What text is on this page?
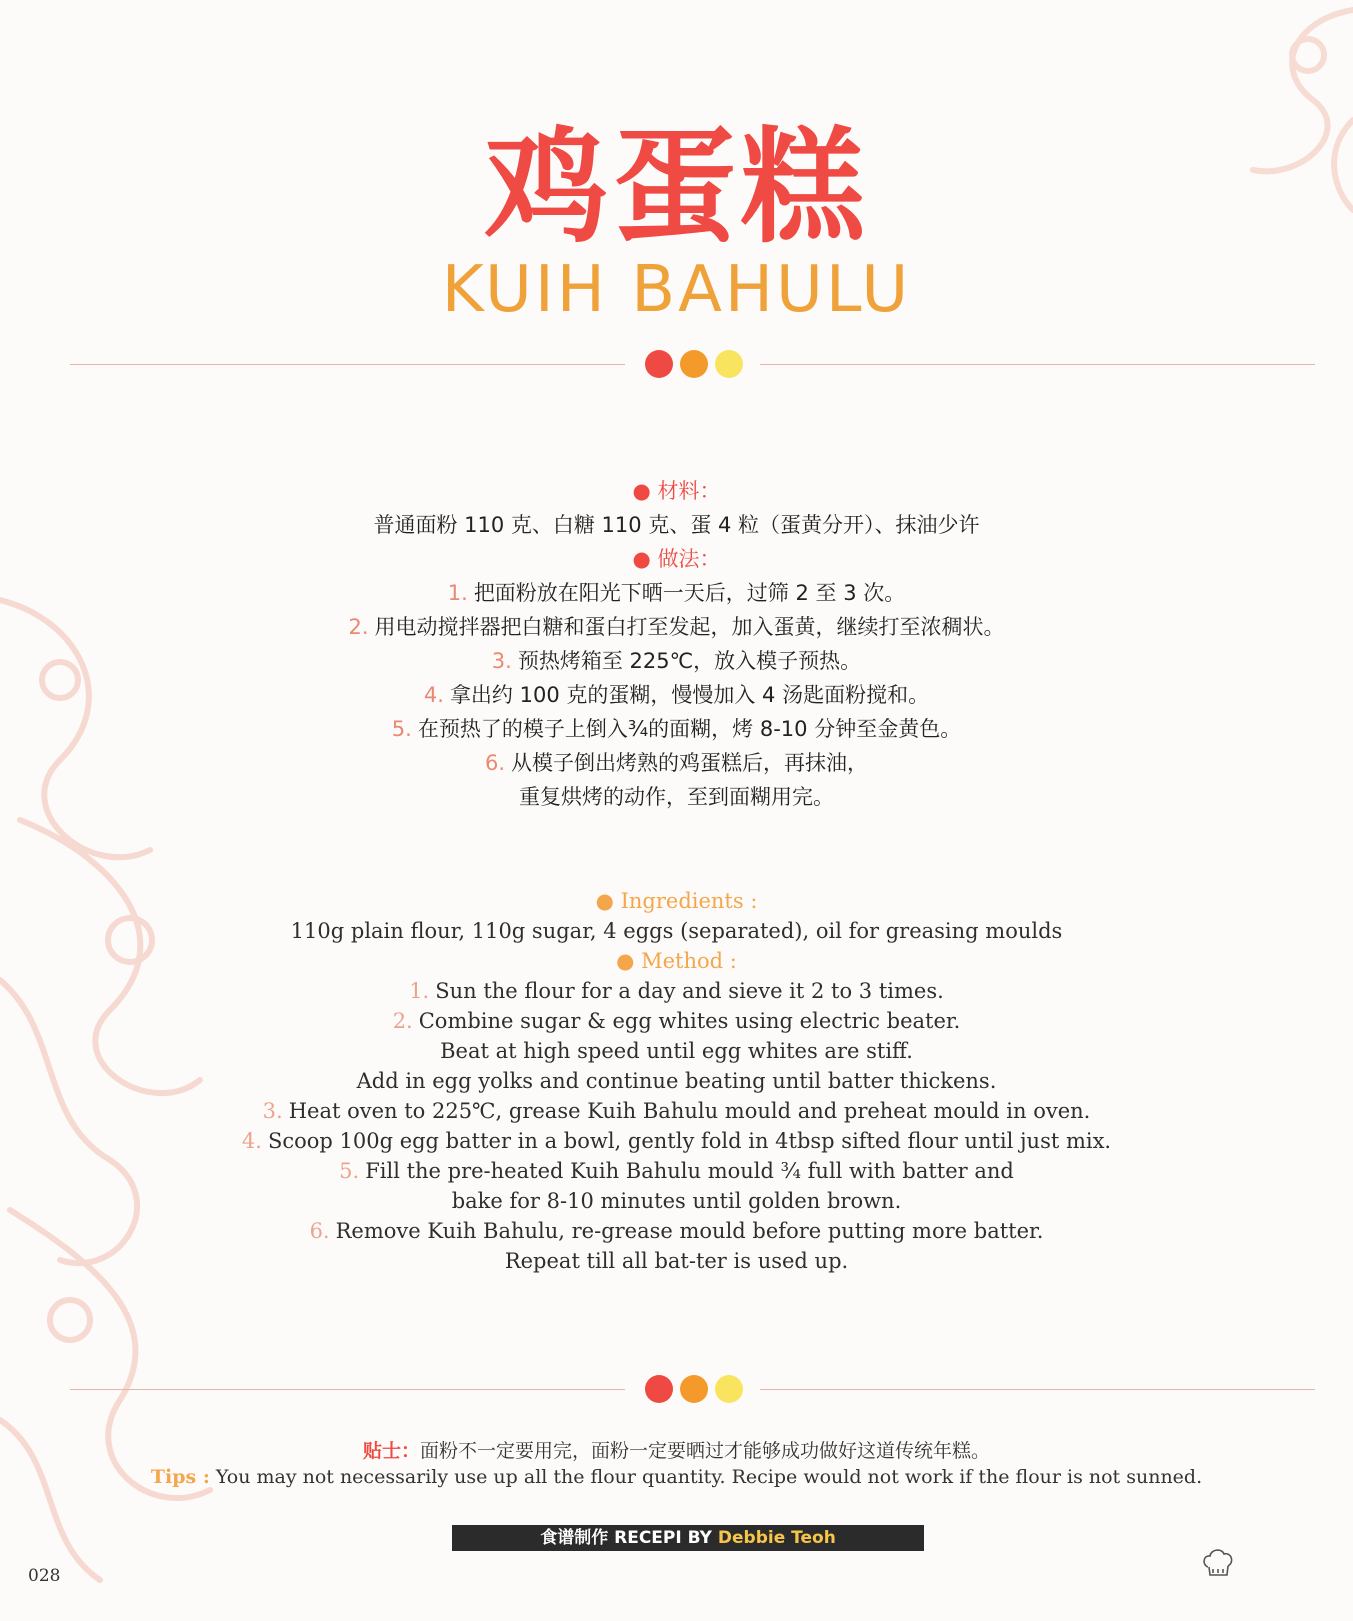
鸡蛋糕
KUIH BAHULU
● 材料：
普通面粉 110 克、白糖 110 克、蛋 4 粒（蛋黄分开）、抹油少许
● 做法：
1. 把面粉放在阳光下晒一天后，过筛 2 至 3 次。
2. 用电动搅拌器把白糖和蛋白打至发起，加入蛋黄，继续打至浓稠状。
3. 预热烤箱至 225℃，放入模子预热。
4. 拿出约 100 克的蛋糊，慢慢加入 4 汤匙面粉搅和。
5. 在预热了的模子上倒入¾的面糊，烤 8-10 分钟至金黄色。
6. 从模子倒出烤熟的鸡蛋糕后，再抹油，
重复烘烤的动作，至到面糊用完。
● Ingredients :
110g plain flour, 110g sugar, 4 eggs (separated), oil for greasing moulds
● Method :
1. Sun the flour for a day and sieve it 2 to 3 times.
2. Combine sugar & egg whites using electric beater.
Beat at high speed until egg whites are stiff.
Add in egg yolks and continue beating until batter thickens.
3. Heat oven to 225℃, grease Kuih Bahulu mould and preheat mould in oven.
4. Scoop 100g egg batter in a bowl, gently fold in 4tbsp sifted flour until just mix.
5. Fill the pre-heated Kuih Bahulu mould ¾ full with batter and
bake for 8-10 minutes until golden brown.
6. Remove Kuih Bahulu, re-grease mould before putting more batter.
Repeat till all bat-ter is used up.
贴士：面粉不一定要用完，面粉一定要晒过才能够成功做好这道传统年糕。
Tips : You may not necessarily use up all the flour quantity. Recipe would not work if the flour is not sunned.
食谱制作 RECEPI BY Debbie Teoh
028
